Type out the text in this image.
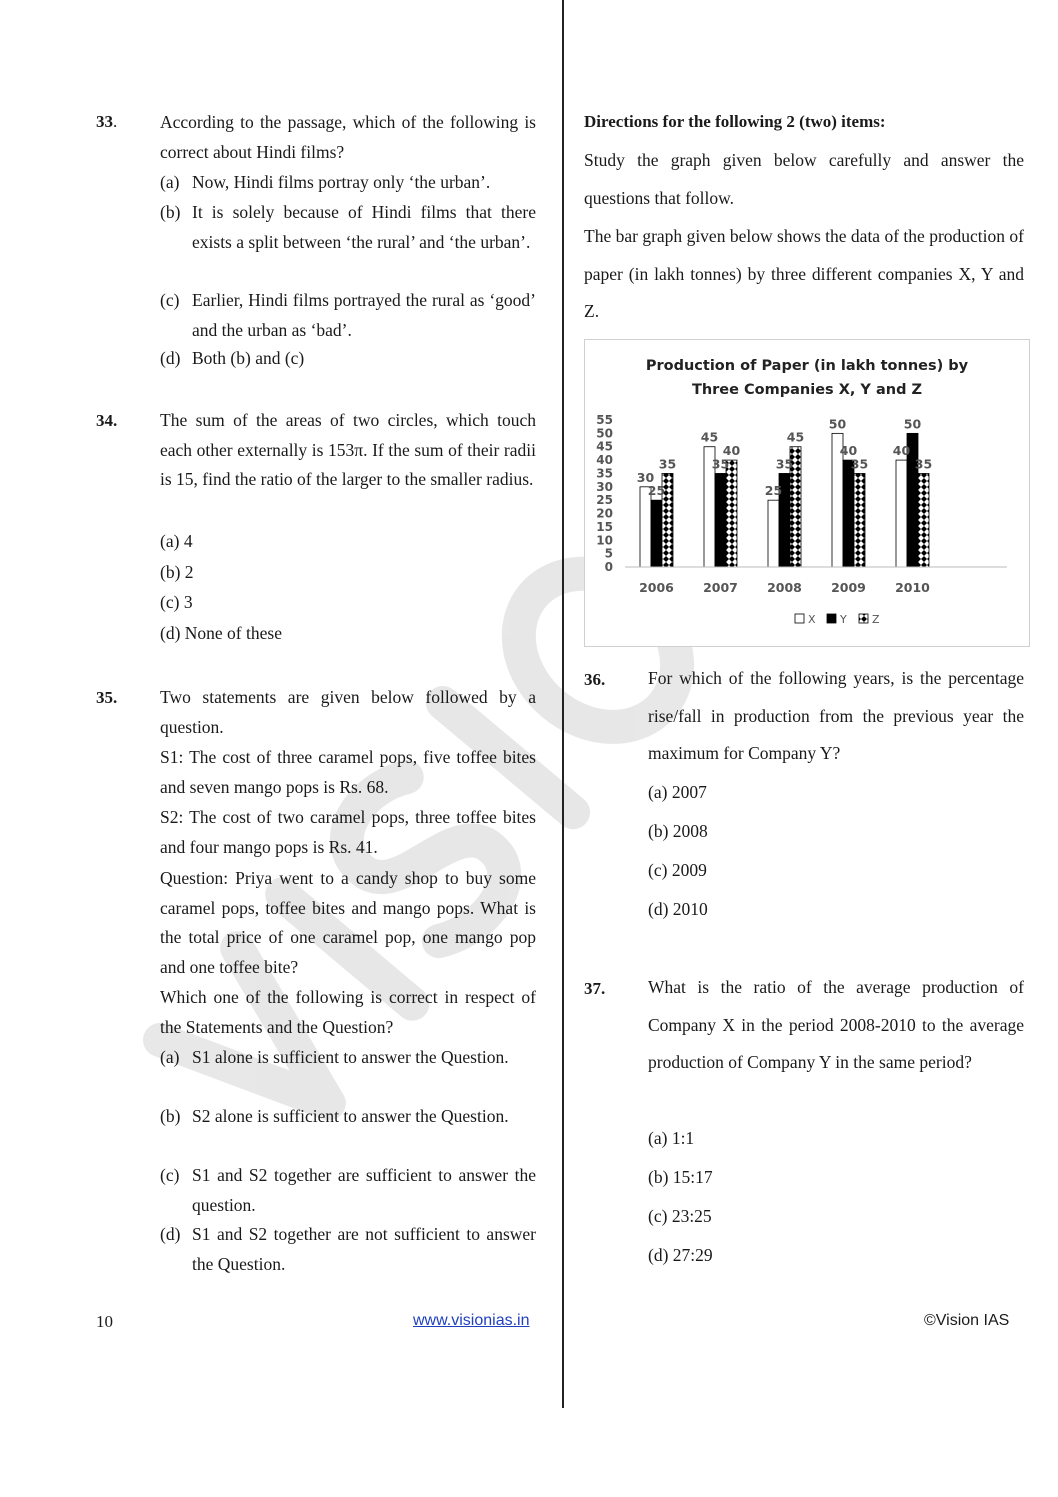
33. According to the passage, which of the following is correct about Hindi films?
(a) Now, Hindi films portray only ‘the urban’.
(b) It is solely because of Hindi films that there exists a split between ‘the rural’ and ‘the urban’.
(c) Earlier, Hindi films portrayed the rural as ‘good’ and the urban as ‘bad’.
(d) Both (b) and (c)
34. The sum of the areas of two circles, which touch each other externally is 153π. If the sum of their radii is 15, find the ratio of the larger to the smaller radius.
(a) 4
(b) 2
(c) 3
(d) None of these
35. Two statements are given below followed by a question.
S1: The cost of three caramel pops, five toffee bites and seven mango pops is Rs. 68.
S2: The cost of two caramel pops, three toffee bites and four mango pops is Rs. 41.
Question: Priya went to a candy shop to buy some caramel pops, toffee bites and mango pops. What is the total price of one caramel pop, one mango pop and one toffee bite?
Which one of the following is correct in respect of the Statements and the Question?
(a) S1 alone is sufficient to answer the Question.
(b) S2 alone is sufficient to answer the Question.
(c) S1 and S2 together are sufficient to answer the question.
(d) S1 and S2 together are not sufficient to answer the Question.
Directions for the following 2 (two) items:
Study the graph given below carefully and answer the questions that follow.
The bar graph given below shows the data of the production of paper (in lakh tonnes) by three different companies X, Y and Z.
Production of Paper (in lakh tonnes) by
Three Companies X, Y and Z
0
5
10
15
20
25
30
35
40
45
50
55
30
25
35
45
35
40
25
35
45
50
40
35
40
50
35
2006 2007 2008 2009 2010
X Y Z
36. For which of the following years, is the percentage rise/fall in production from the previous year the maximum for Company Y?
(a) 2007
(b) 2008
(c) 2009
(d) 2010
37. What is the ratio of the average production of Company X in the period 2008-2010 to the average production of Company Y in the same period?
(a) 1:1
(b) 15:17
(c) 23:25
(d) 27:29
10	www.visionias.in	©Vision IAS
